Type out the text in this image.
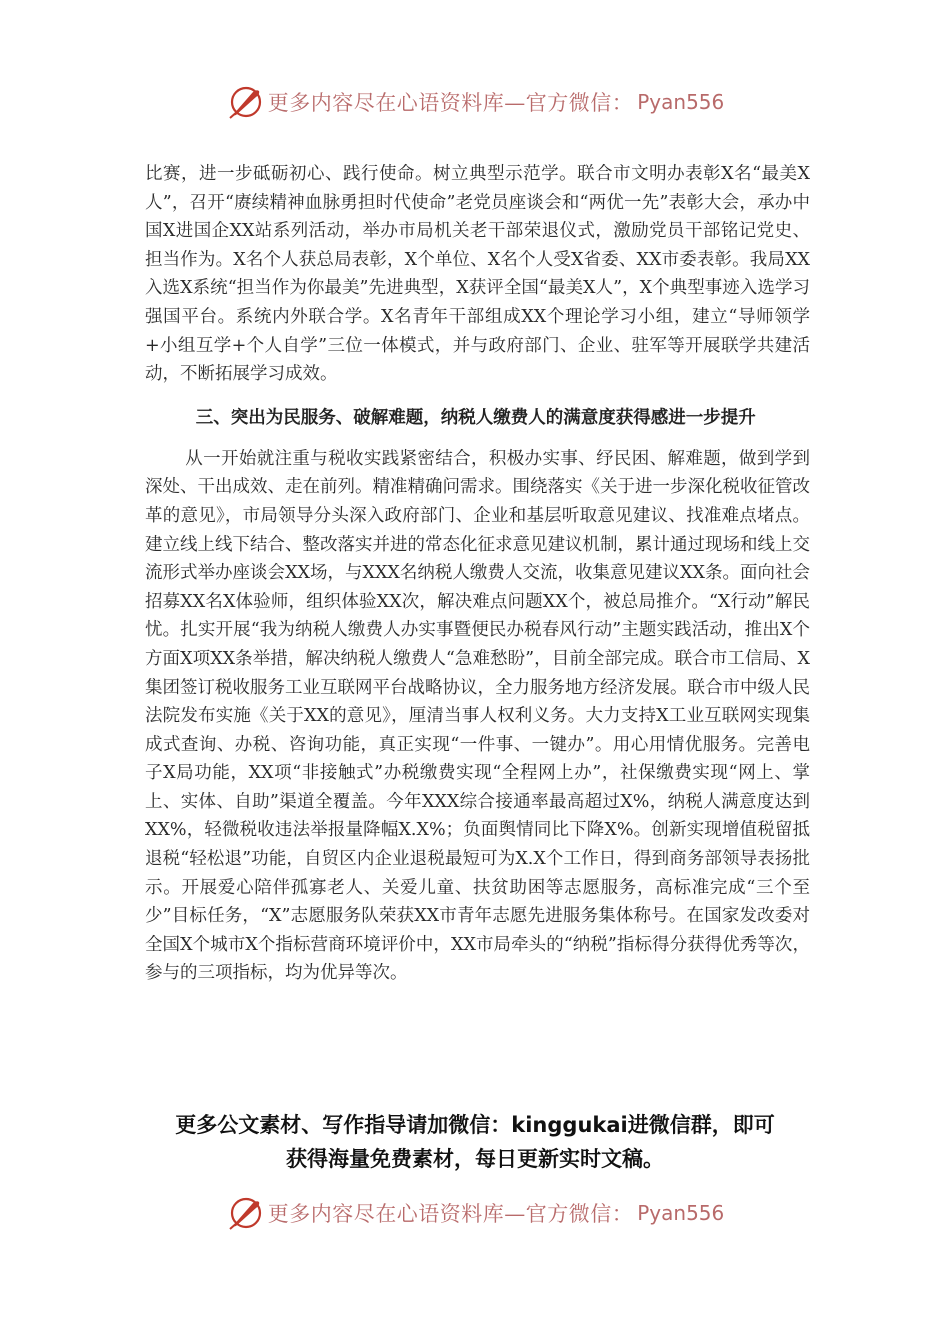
更多内容尽在心语资料库—官方微信： Pyan556

比赛，进一步砥砺初心、践行使命。树立典型示范学。联合市文明办表彰X名“最美X人”，召开“赓续精神血脉勇担时代使命”老党员座谈会和“两优一先”表彰大会，承办中国X进国企XX站系列活动，举办市局机关老干部荣退仪式，激励党员干部铭记党史、担当作为。X名个人获总局表彰，X个单位、X名个人受X省委、XX市委表彰。我局XX入选X系统“担当作为你最美”先进典型，X获评全国“最美X人”，X个典型事迹入选学习强国平台。系统内外联合学。X名青年干部组成XX个理论学习小组，建立“导师领学+小组互学+个人自学”三位一体模式，并与政府部门、企业、驻军等开展联学共建活动，不断拓展学习成效。

三、突出为民服务、破解难题，纳税人缴费人的满意度获得感进一步提升

从一开始就注重与税收实践紧密结合，积极办实事、纾民困、解难题，做到学到深处、干出成效、走在前列。精准精确问需求。围绕落实《关于进一步深化税收征管改革的意见》，市局领导分头深入政府部门、企业和基层听取意见建议、找准难点堵点。建立线上线下结合、整改落实并进的常态化征求意见建议机制，累计通过现场和线上交流形式举办座谈会XX场，与XXX名纳税人缴费人交流，收集意见建议XX条。面向社会招募XX名X体验师，组织体验XX次，解决难点问题XX个，被总局推介。“X行动”解民忧。扎实开展“我为纳税人缴费人办实事暨便民办税春风行动”主题实践活动，推出X个方面X项XX条举措，解决纳税人缴费人“急难愁盼”，目前全部完成。联合市工信局、X集团签订税收服务工业互联网平台战略协议，全力服务地方经济发展。联合市中级人民法院发布实施《关于XX的意见》，厘清当事人权利义务。大力支持X工业互联网实现集成式查询、办税、咨询功能，真正实现“一件事、一键办”。用心用情优服务。完善电子X局功能，XX项“非接触式”办税缴费实现“全程网上办”，社保缴费实现“网上、掌上、实体、自助”渠道全覆盖。今年XXX综合接通率最高超过X%，纳税人满意度达到XX%，轻微税收违法举报量降幅X.X%；负面舆情同比下降X%。创新实现增值税留抵退税“轻松退”功能，自贸区内企业退税最短可为X.X个工作日，得到商务部领导表扬批示。开展爱心陪伴孤寡老人、关爱儿童、扶贫助困等志愿服务，高标准完成“三个至少”目标任务，“X”志愿服务队荣获XX市青年志愿先进服务集体称号。在国家发改委对全国X个城市X个指标营商环境评价中，XX市局牵头的“纳税”指标得分获得优秀等次，参与的三项指标，均为优异等次。

更多公文素材、写作指导请加微信：kinggukai进微信群，即可
获得海量免费素材，每日更新实时文稿。
更多内容尽在心语资料库—官方微信： Pyan556
